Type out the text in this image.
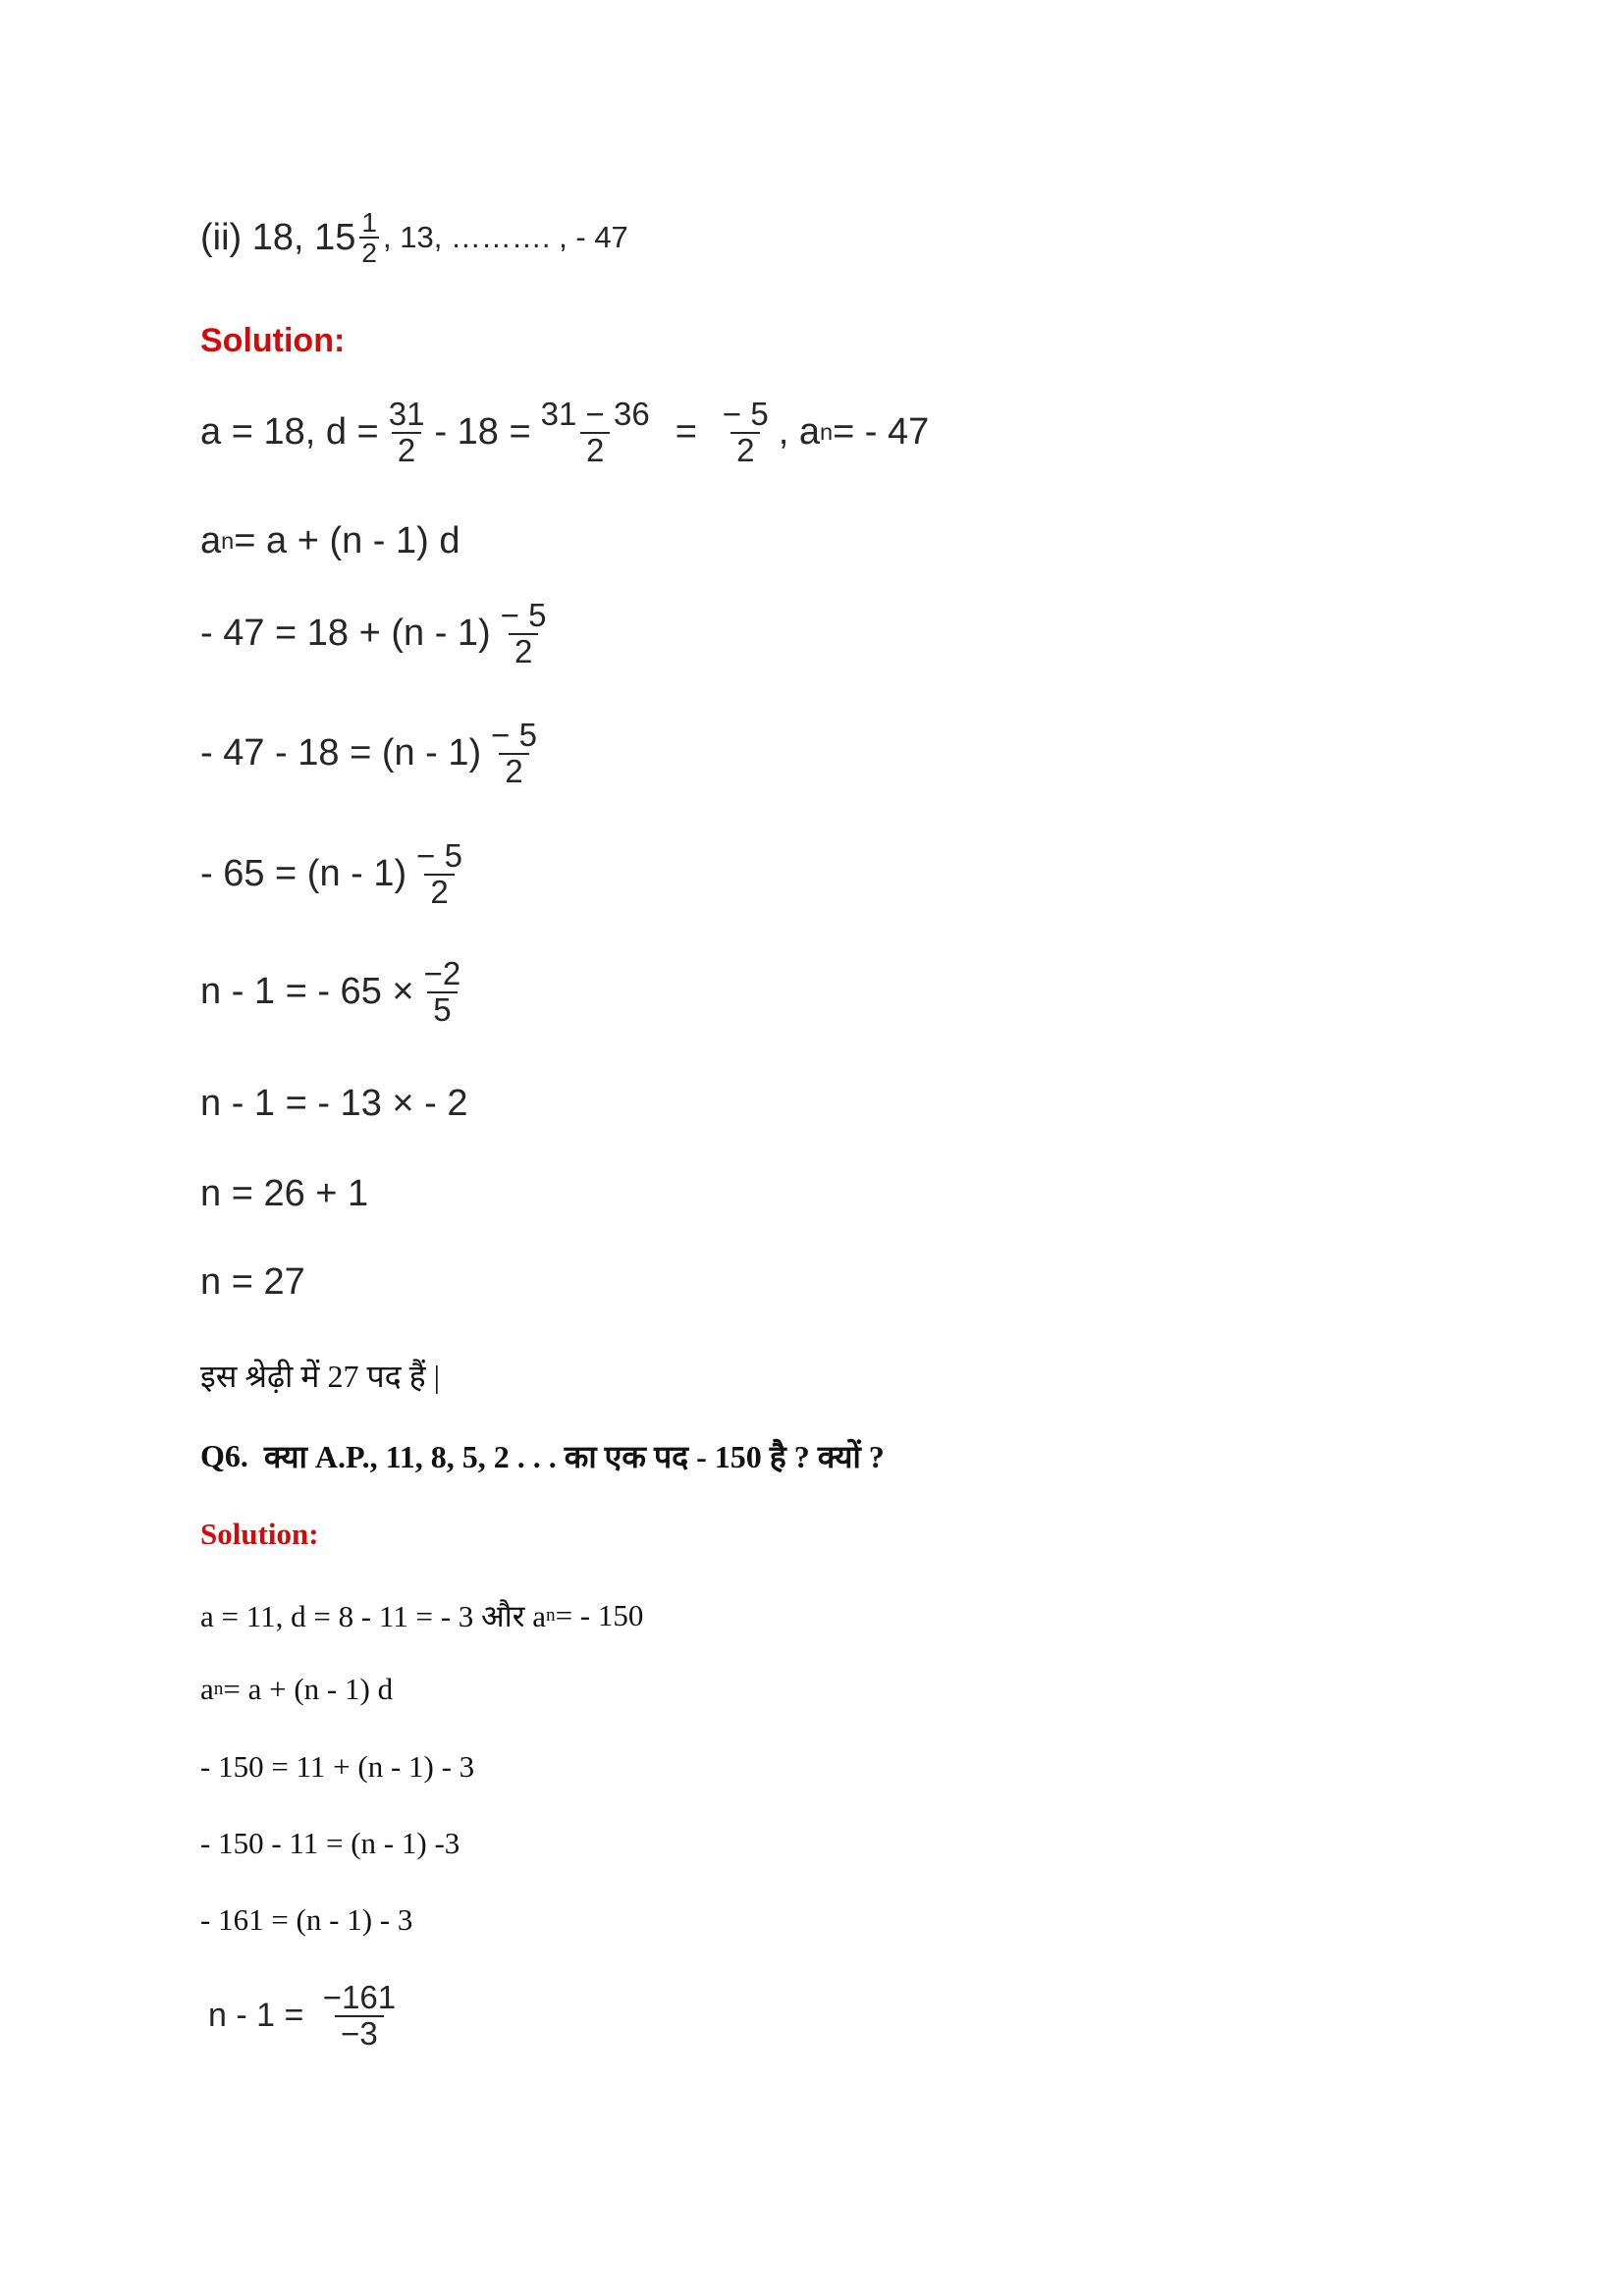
(ii)
18, $15 \frac{1}{2}$ , 13, ………. , - 47
Solution:
a = 18, $d = \frac{31}{2} - 18 = \frac{31 - 36}{2} = \frac{- 5}{2}$ , a n = - 47
a n = a + (n - 1) d
- $47 = 18 + (n - 1) \frac{- 5}{2}$
- $47 - 18 = (n - 1) \frac{- 5}{2}$
- $65 = (n - 1) \frac{- 5}{2}$
n - 1 = - $65 \times \frac{-2}{5}$
n - 1 = - 13 × - 2
n = 26 + 1
n = 27
इस श्रेढ़ी में 27 पद हैं |
Q6.
क्या A.P., 11, 8, 5, 2 . . . का एक पद - 150 है ? क्यों ?
Solution:
a = 11, d = 8 - 11 = - 3 और a n = - 150
a n = a + (n - 1) d
- 150 = 11 + (n - 1) - 3
- 150 - 11 = (n - 1) -3
- 161 = (n - 1) - 3
n - 1 =
$\frac{-161}{-3}$
